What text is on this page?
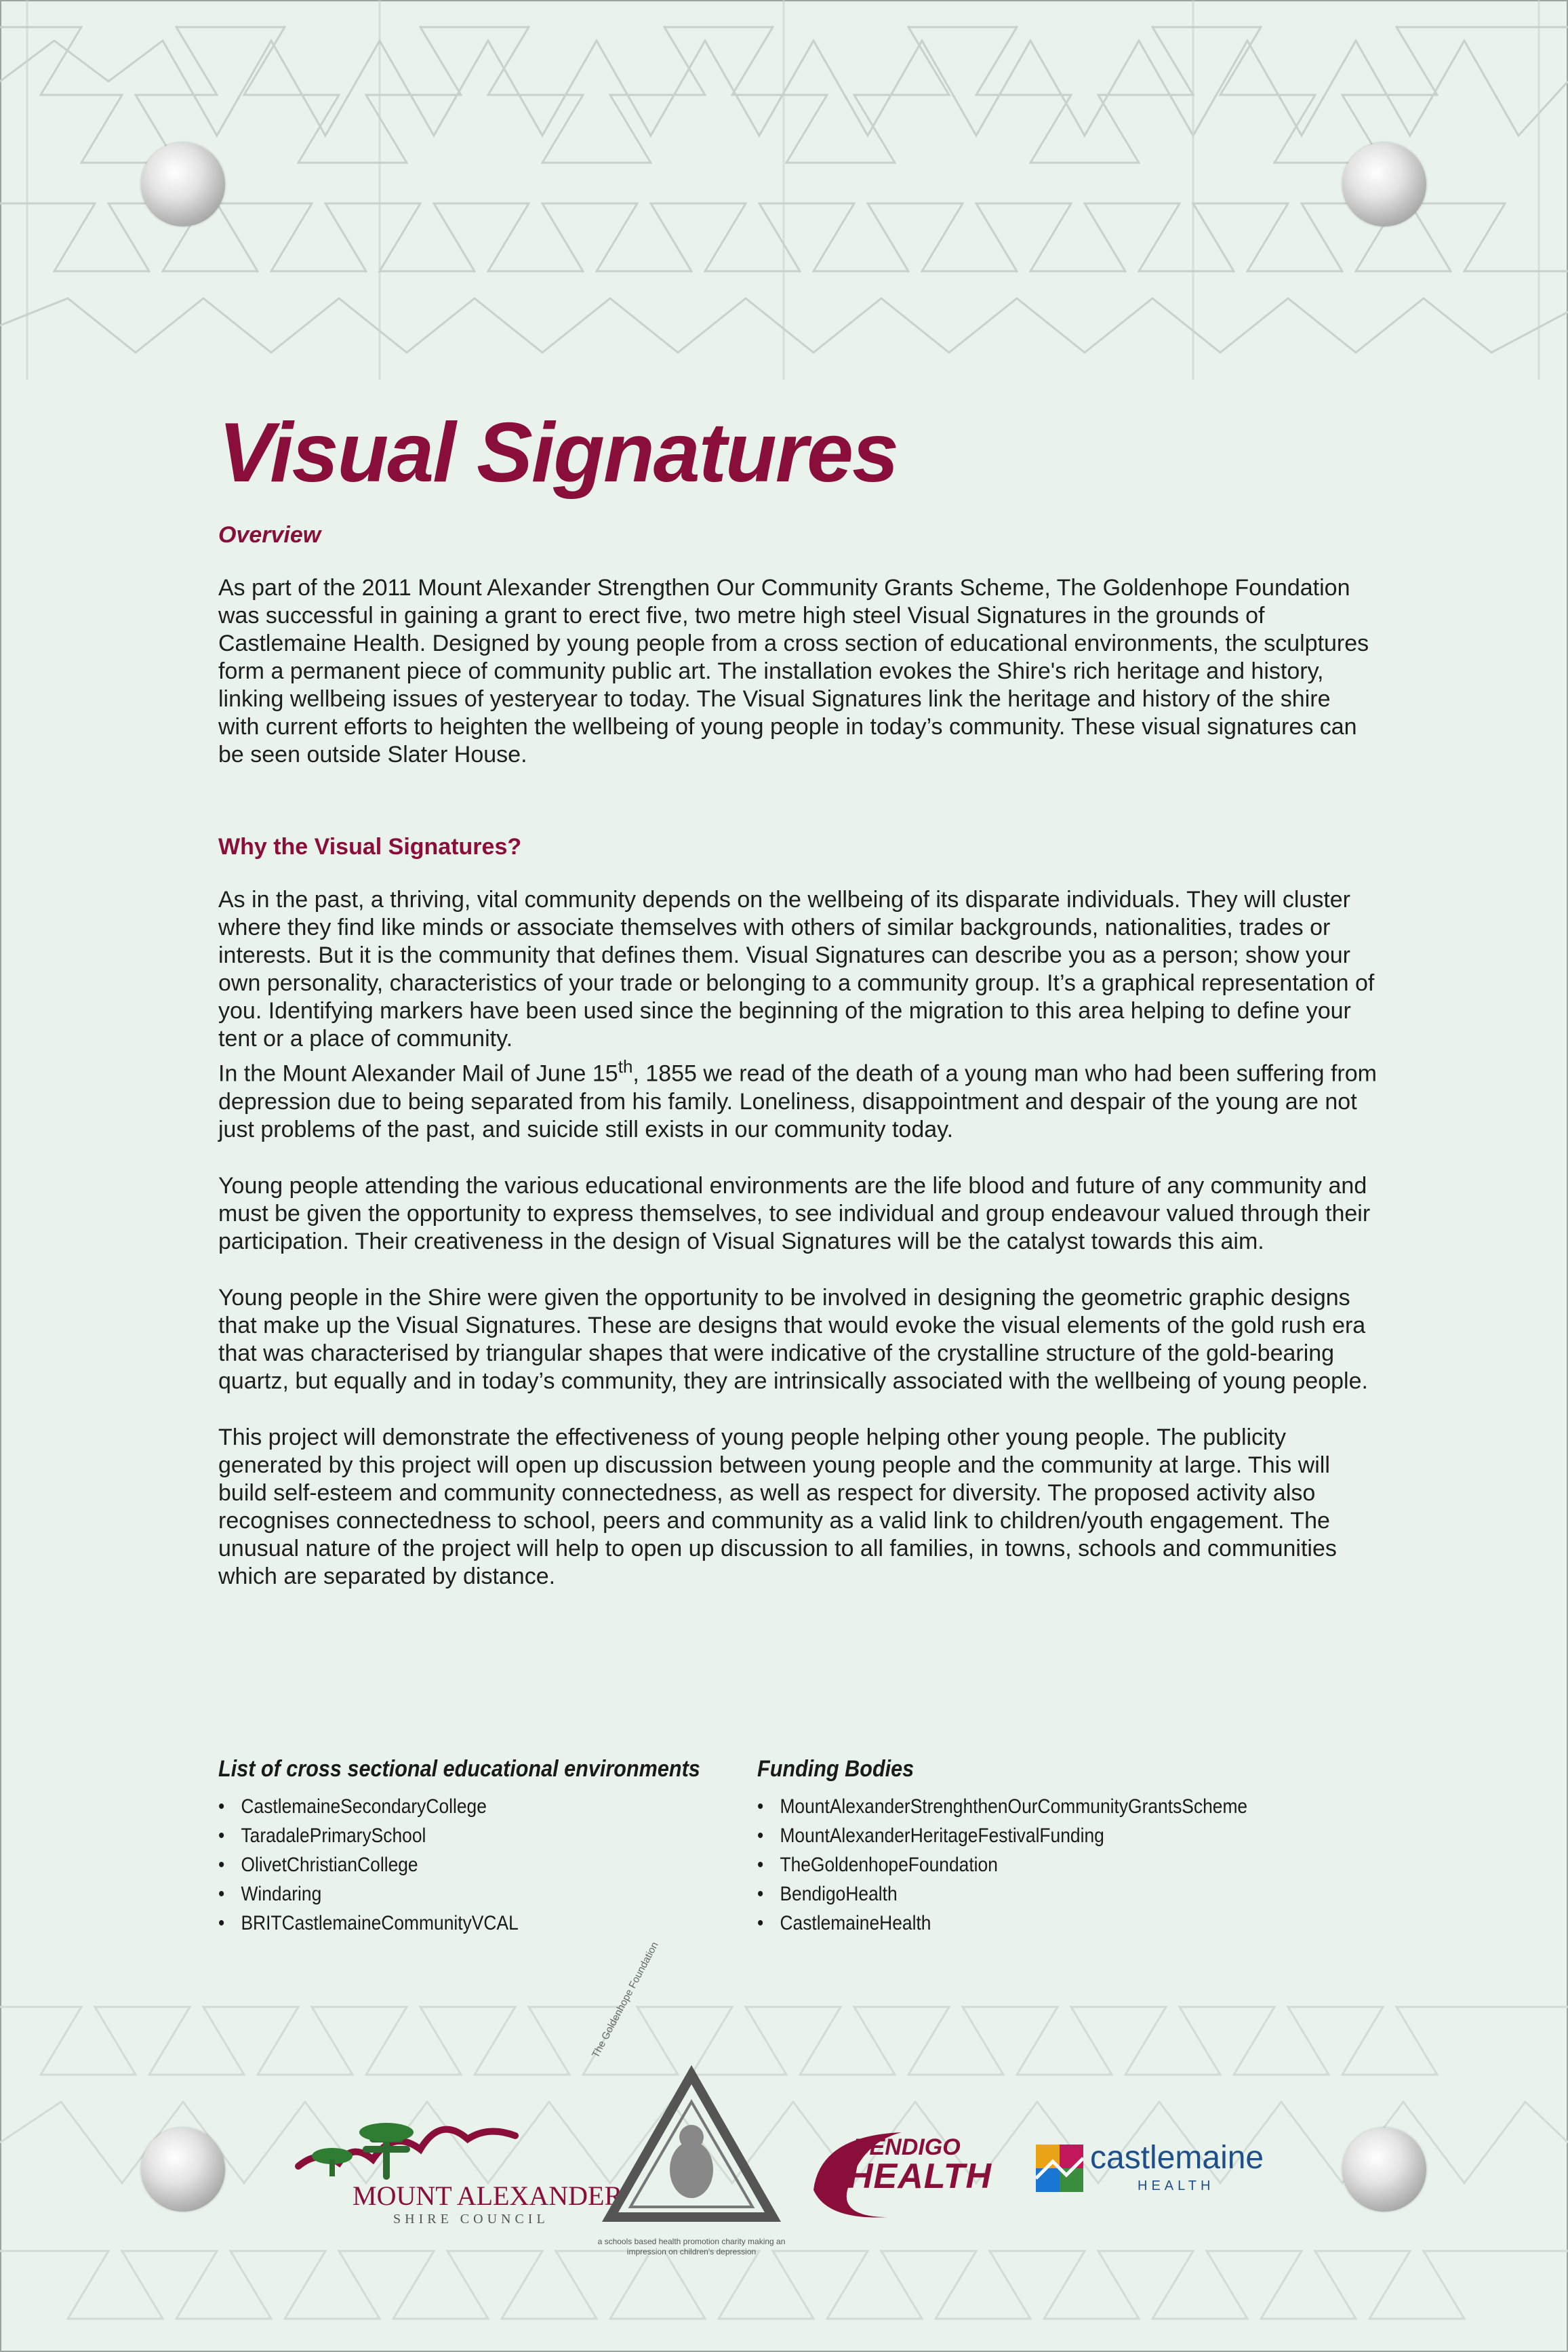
Visual Signatures
Overview

As part of the 2011 Mount Alexander Strengthen Our Community Grants Scheme, The Goldenhope Foundation was successful in gaining a grant to erect five, two metre high steel Visual Signatures in the grounds of Castlemaine Health. Designed by young people from a cross section of educational environments, the sculptures form a permanent piece of community public art. The installation evokes the Shire's rich heritage and history, linking wellbeing issues of yesteryear to today. The Visual Signatures link the heritage and history of the shire with current efforts to heighten the wellbeing of young people in today’s community. These visual signatures can be seen outside Slater House.

Why the Visual Signatures?

As in the past, a thriving, vital community depends on the wellbeing of its disparate individuals. They will cluster where they find like minds or associate themselves with others of similar backgrounds, nationalities, trades or interests. But it is the community that defines them. Visual Signatures can describe you as a person; show your own personality, characteristics of your trade or belonging to a community group. It’s a graphical representation of you. Identifying markers have been used since the beginning of the migration to this area helping to define your tent or a place of community.

In the Mount Alexander Mail of June 15th, 1855 we read of the death of a young man who had been suffering from depression due to being separated from his family. Loneliness, disappointment and despair of the young are not just problems of the past, and suicide still exists in our community today.

Young people attending the various educational environments are the life blood and future of any community and must be given the opportunity to express themselves, to see individual and group endeavour valued through their participation. Their creativeness in the design of Visual Signatures will be the catalyst towards this aim.

Young people in the Shire were given the opportunity to be involved in designing the geometric graphic designs that make up the Visual Signatures. These are designs that would evoke the visual elements of the gold rush era that was characterised by triangular shapes that were indicative of the crystalline structure of the gold-bearing quartz, but equally and in today’s community, they are intrinsically associated with the wellbeing of young people.

This project will demonstrate the effectiveness of young people helping other young people. The publicity generated by this project will open up discussion between young people and the community at large. This will build self-esteem and community connectedness, as well as respect for diversity. The proposed activity also recognises connectedness to school, peers and community as a valid link to children/youth engagement. The unusual nature of the project will help to open up discussion to all families, in towns, schools and communities which are separated by distance.

List of cross sectional educational environments
• CastlemaineSecondaryCollege
• TaradalePrimarySchool
• OlivetChristianCollege
• Windaring
• BRITCastlemaineCommunityVCAL
Funding Bodies
• MountAlexanderStrenghthenOurCommunityGrantsScheme
• MountAlexanderHeritageFestivalFunding
• TheGoldenhopeFoundation
• BendigoHealth
• CastlemaineHealth
MOUNT ALEXANDER
SHIRE COUNCIL
The Goldenhope Foundation
a schools based health promotion charity making an impression on children's depression
BENDIGO
HEALTH	castlemaine
HEALTH
